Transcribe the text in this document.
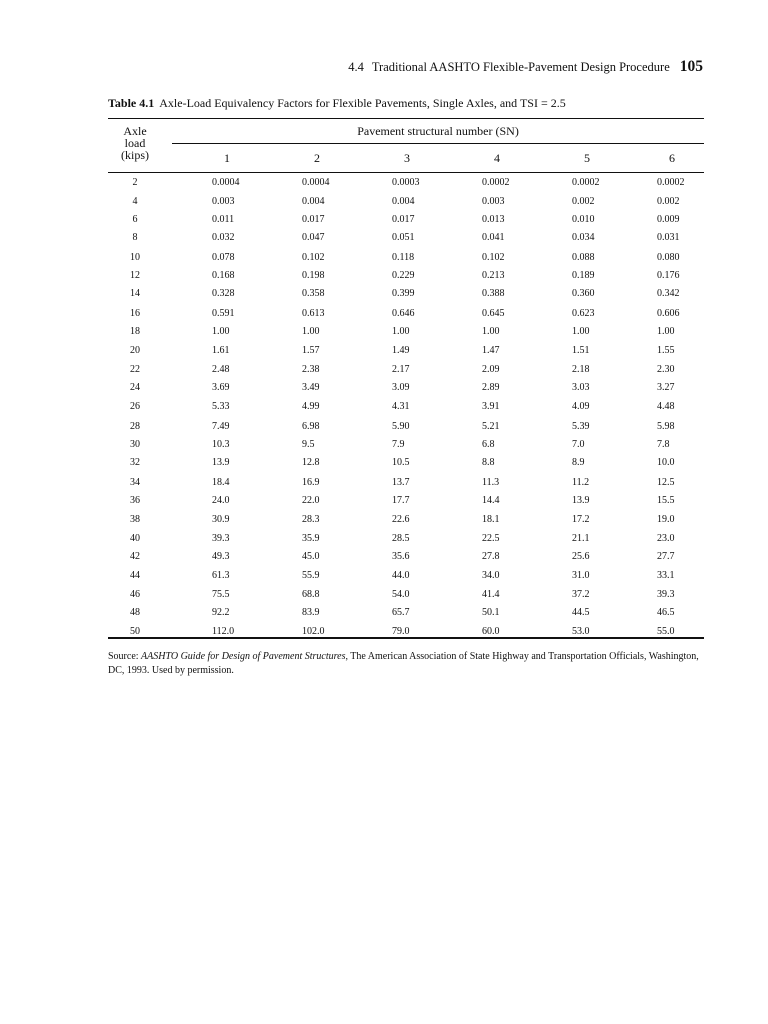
4.4 Traditional AASHTO Flexible-Pavement Design Procedure 105
Table 4.1 Axle-Load Equivalency Factors for Flexible Pavements, Single Axles, and TSI = 2.5
Axle
load
(kips)
Pavement structural number (SN)
1	2	3	4	5	6
2	0.0004	0.0004	0.0003	0.0002	0.0002	0.0002
4	0.003	0.004	0.004	0.003	0.002	0.002
6	0.011	0.017	0.017	0.013	0.010	0.009
8	0.032	0.047	0.051	0.041	0.034	0.031
10	0.078	0.102	0.118	0.102	0.088	0.080
12	0.168	0.198	0.229	0.213	0.189	0.176
14	0.328	0.358	0.399	0.388	0.360	0.342
16	0.591	0.613	0.646	0.645	0.623	0.606
18	1.00	1.00	1.00	1.00	1.00	1.00
20	1.61	1.57	1.49	1.47	1.51	1.55
22	2.48	2.38	2.17	2.09	2.18	2.30
24	3.69	3.49	3.09	2.89	3.03	3.27
26	5.33	4.99	4.31	3.91	4.09	4.48
28	7.49	6.98	5.90	5.21	5.39	5.98
30	10.3	9.5	7.9	6.8	7.0	7.8
32	13.9	12.8	10.5	8.8	8.9	10.0
34	18.4	16.9	13.7	11.3	11.2	12.5
36	24.0	22.0	17.7	14.4	13.9	15.5
38	30.9	28.3	22.6	18.1	17.2	19.0
40	39.3	35.9	28.5	22.5	21.1	23.0
42	49.3	45.0	35.6	27.8	25.6	27.7
44	61.3	55.9	44.0	34.0	31.0	33.1
46	75.5	68.8	54.0	41.4	37.2	39.3
48	92.2	83.9	65.7	50.1	44.5	46.5
50	112.0	102.0	79.0	60.0	53.0	55.0
Source: AASHTO Guide for Design of Pavement Structures, The American Association of State Highway and Transportation Officials, Washington, DC, 1993. Used by permission.
